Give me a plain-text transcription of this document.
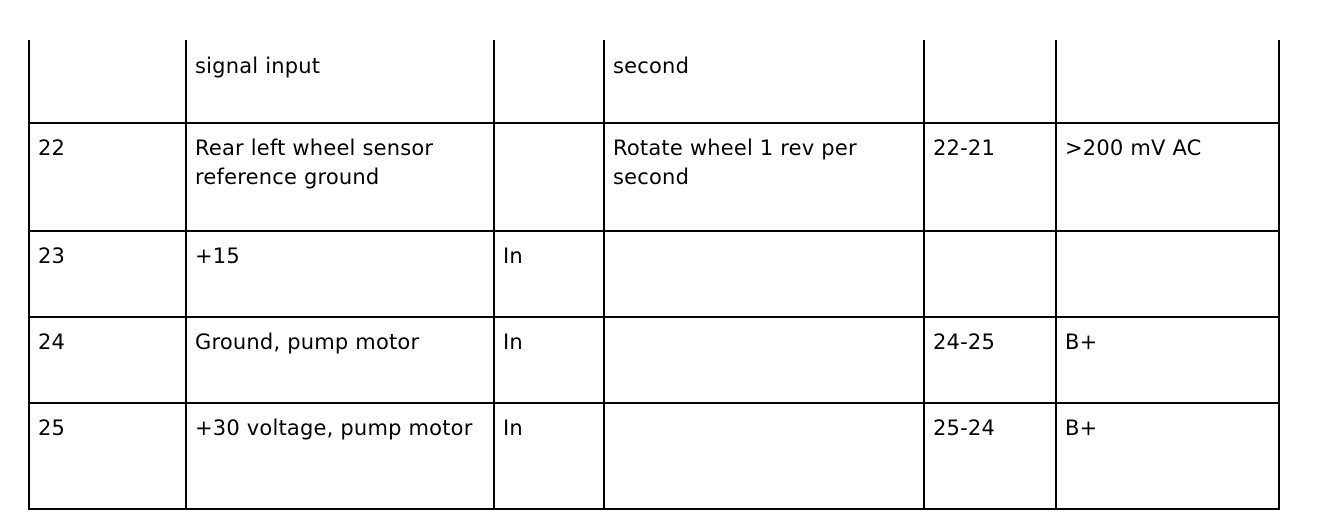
	signal input		second		
22	Rear left wheel sensor reference ground		Rotate wheel 1 rev per second	22-21	>200 mV AC
23	+15	In			
24	Ground, pump motor	In		24-25	B+
25	+30 voltage, pump motor	In		25-24	B+
